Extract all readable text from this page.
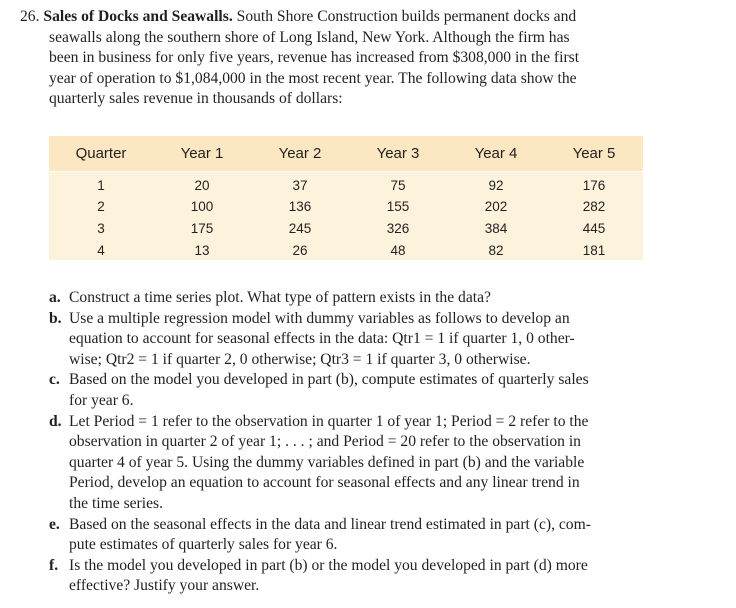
26. Sales of Docks and Seawalls. South Shore Construction builds permanent docks and
seawalls along the southern shore of Long Island, New York. Although the firm has
been in business for only five years, revenue has increased from $308,000 in the first
year of operation to $1,084,000 in the most recent year. The following data show the
quarterly sales revenue in thousands of dollars:

Quarter	Year 1	Year 2	Year 3	Year 4	Year 5
1	20	37	75	92	176
2	100	136	155	202	282
3	175	245	326	384	445
4	13	26	48	82	181
a. Construct a time series plot. What type of pattern exists in the data?
b. Use a multiple regression model with dummy variables as follows to develop an
equation to account for seasonal effects in the data: Qtr1 = 1 if quarter 1, 0 other-
wise; Qtr2 = 1 if quarter 2, 0 otherwise; Qtr3 = 1 if quarter 3, 0 otherwise.
c. Based on the model you developed in part (b), compute estimates of quarterly sales
for year 6.
d. Let Period = 1 refer to the observation in quarter 1 of year 1; Period = 2 refer to the
observation in quarter 2 of year 1; . . . ; and Period = 20 refer to the observation in
quarter 4 of year 5. Using the dummy variables defined in part (b) and the variable
Period, develop an equation to account for seasonal effects and any linear trend in
the time series.
e. Based on the seasonal effects in the data and linear trend estimated in part (c), com-
pute estimates of quarterly sales for year 6.
f. Is the model you developed in part (b) or the model you developed in part (d) more
effective? Justify your answer.
